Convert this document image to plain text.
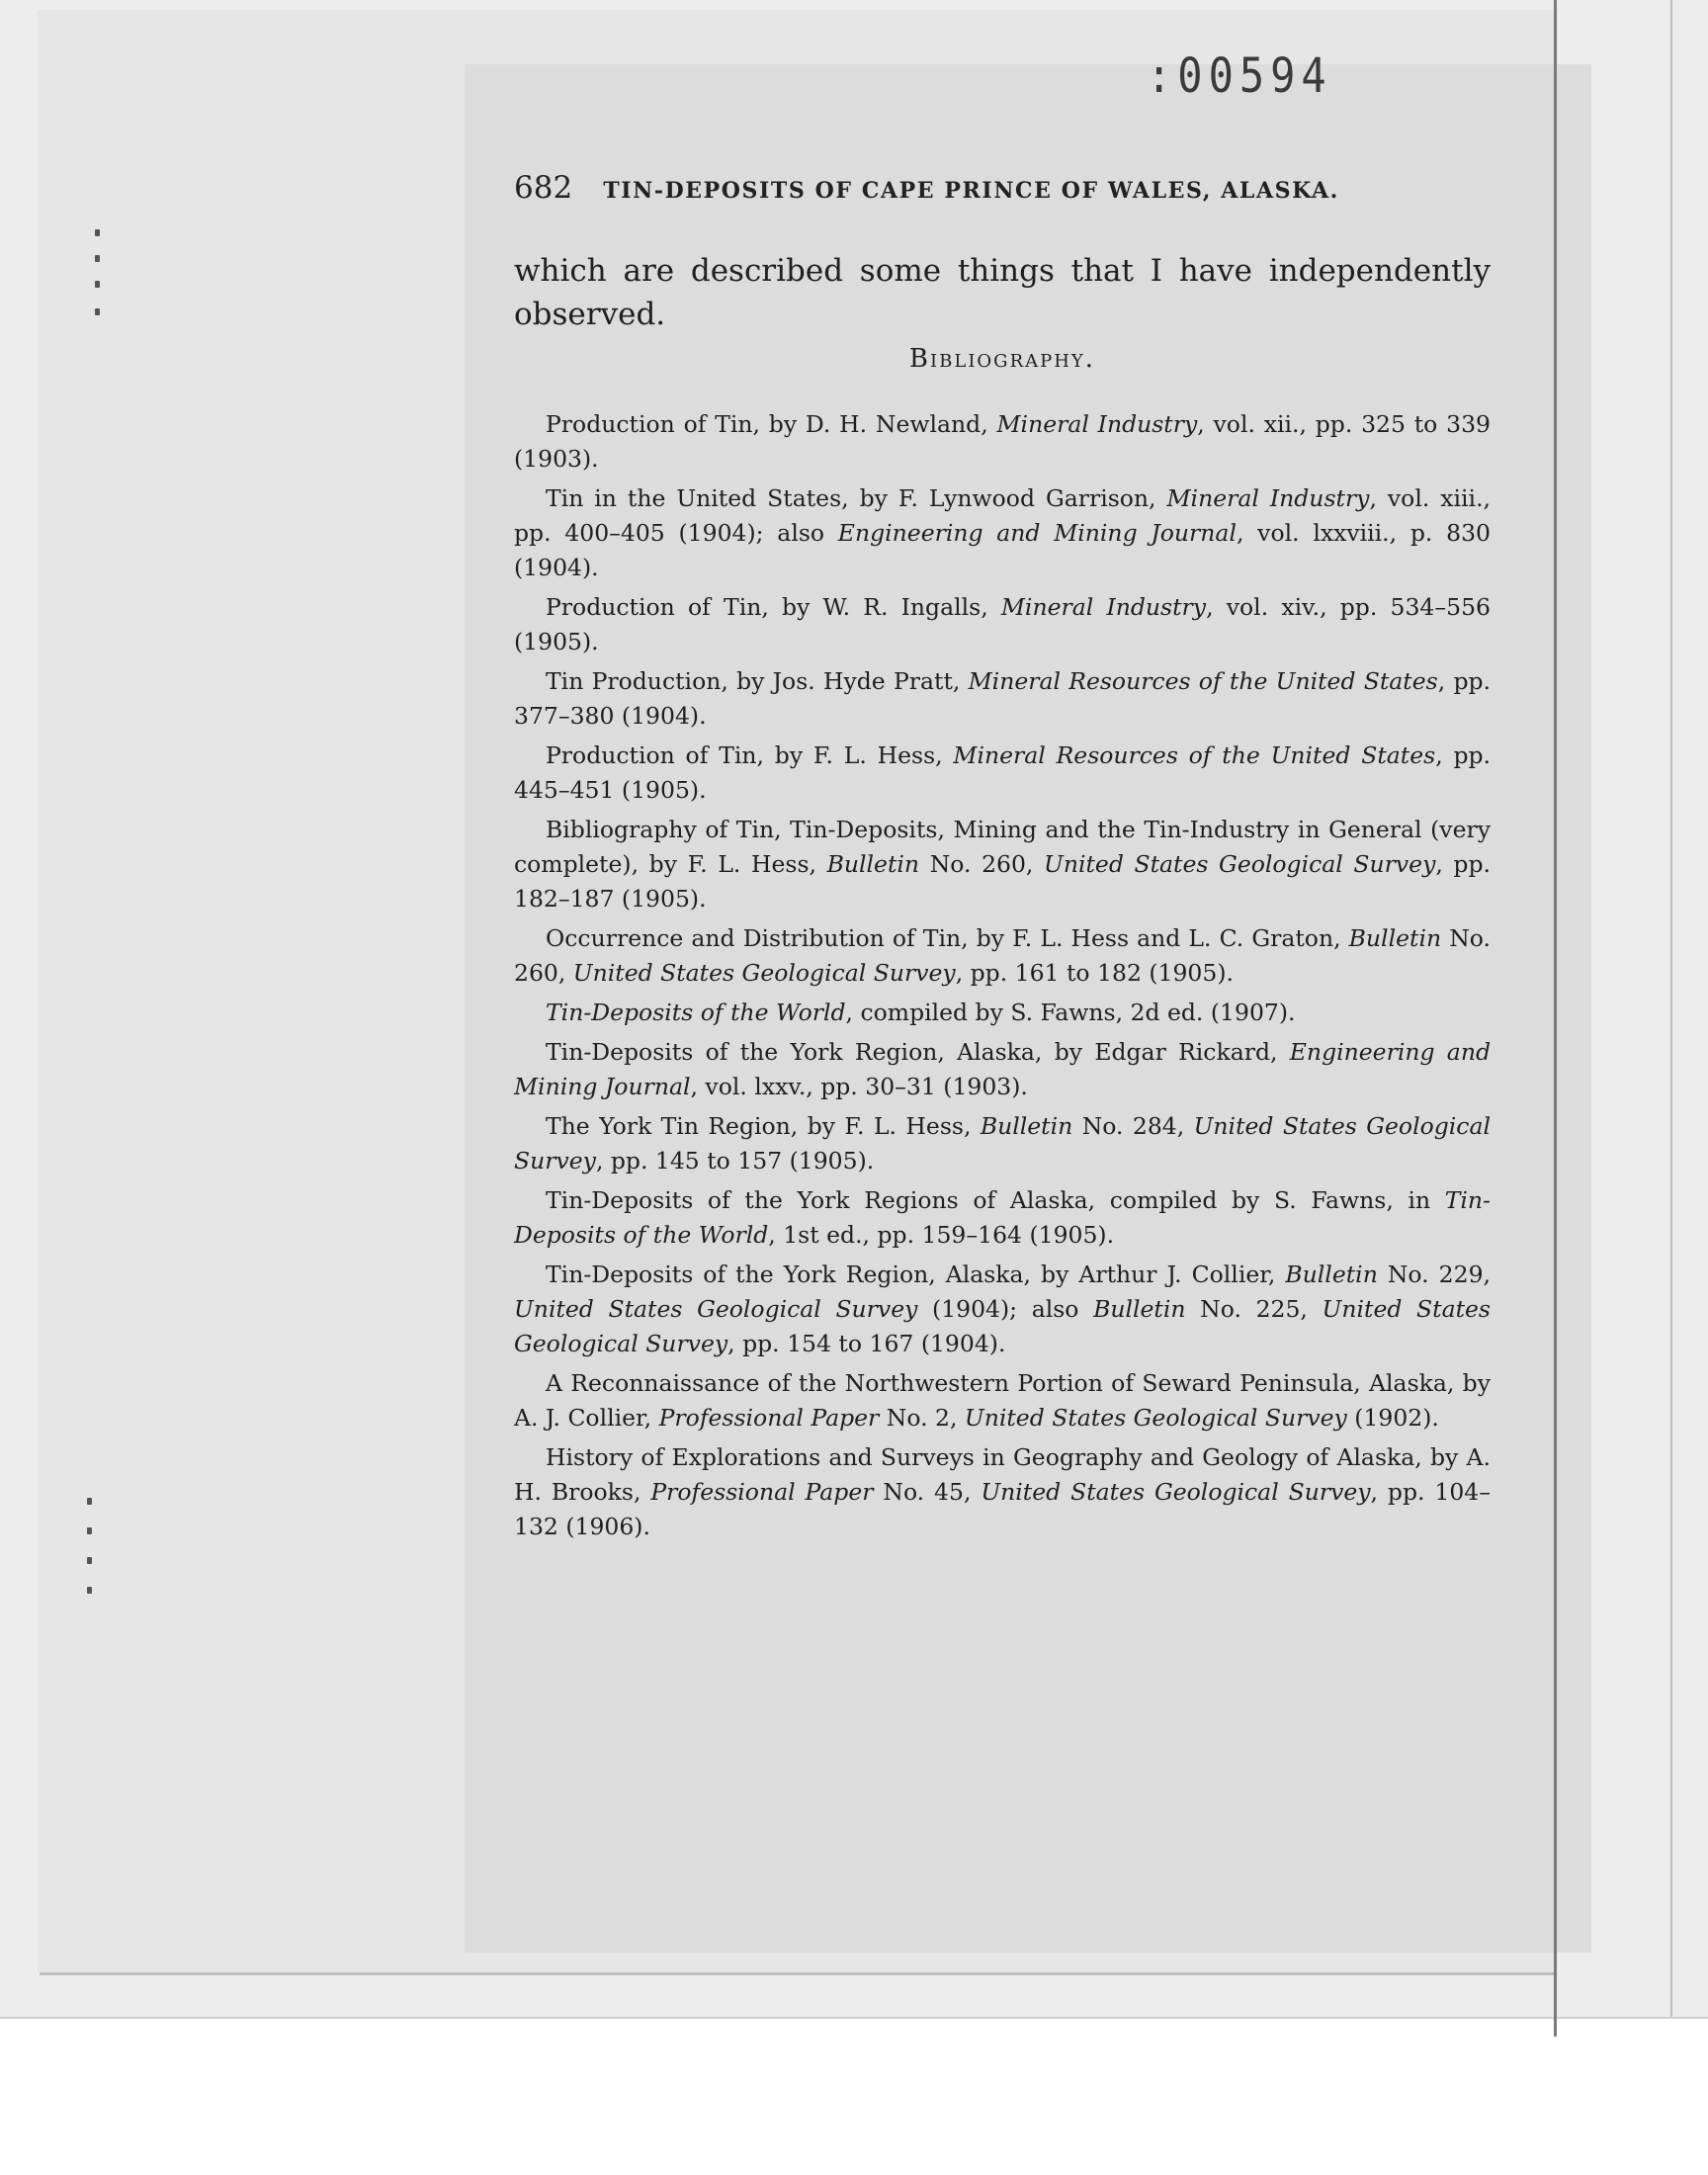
:00594
682 TIN-DEPOSITS OF CAPE PRINCE OF WALES, ALASKA.

which are described some things that I have independently observed.

Bibliography.

Production of Tin, by D. H. Newland, Mineral Industry, vol. xii., pp. 325 to 339 (1903).

Tin in the United States, by F. Lynwood Garrison, Mineral Industry, vol. xiii., pp. 400–405 (1904); also Engineering and Mining Journal, vol. lxxviii., p. 830 (1904).

Production of Tin, by W. R. Ingalls, Mineral Industry, vol. xiv., pp. 534–556 (1905).

Tin Production, by Jos. Hyde Pratt, Mineral Resources of the United States, pp. 377–380 (1904).

Production of Tin, by F. L. Hess, Mineral Resources of the United States, pp. 445–451 (1905).

Bibliography of Tin, Tin-Deposits, Mining and the Tin-Industry in General (very complete), by F. L. Hess, Bulletin No. 260, United States Geological Survey, pp. 182–187 (1905).

Occurrence and Distribution of Tin, by F. L. Hess and L. C. Graton, Bulletin No. 260, United States Geological Survey, pp. 161 to 182 (1905).

Tin-Deposits of the World, compiled by S. Fawns, 2d ed. (1907).

Tin-Deposits of the York Region, Alaska, by Edgar Rickard, Engineering and Mining Journal, vol. lxxv., pp. 30–31 (1903).

The York Tin Region, by F. L. Hess, Bulletin No. 284, United States Geological Survey, pp. 145 to 157 (1905).

Tin-Deposits of the York Regions of Alaska, compiled by S. Fawns, in Tin-Deposits of the World, 1st ed., pp. 159–164 (1905).

Tin-Deposits of the York Region, Alaska, by Arthur J. Collier, Bulletin No. 229, United States Geological Survey (1904); also Bulletin No. 225, United States Geological Survey, pp. 154 to 167 (1904).

A Reconnaissance of the Northwestern Portion of Seward Peninsula, Alaska, by A. J. Collier, Professional Paper No. 2, United States Geological Survey (1902).

History of Explorations and Surveys in Geography and Geology of Alaska, by A. H. Brooks, Professional Paper No. 45, United States Geological Survey, pp. 104–132 (1906).
